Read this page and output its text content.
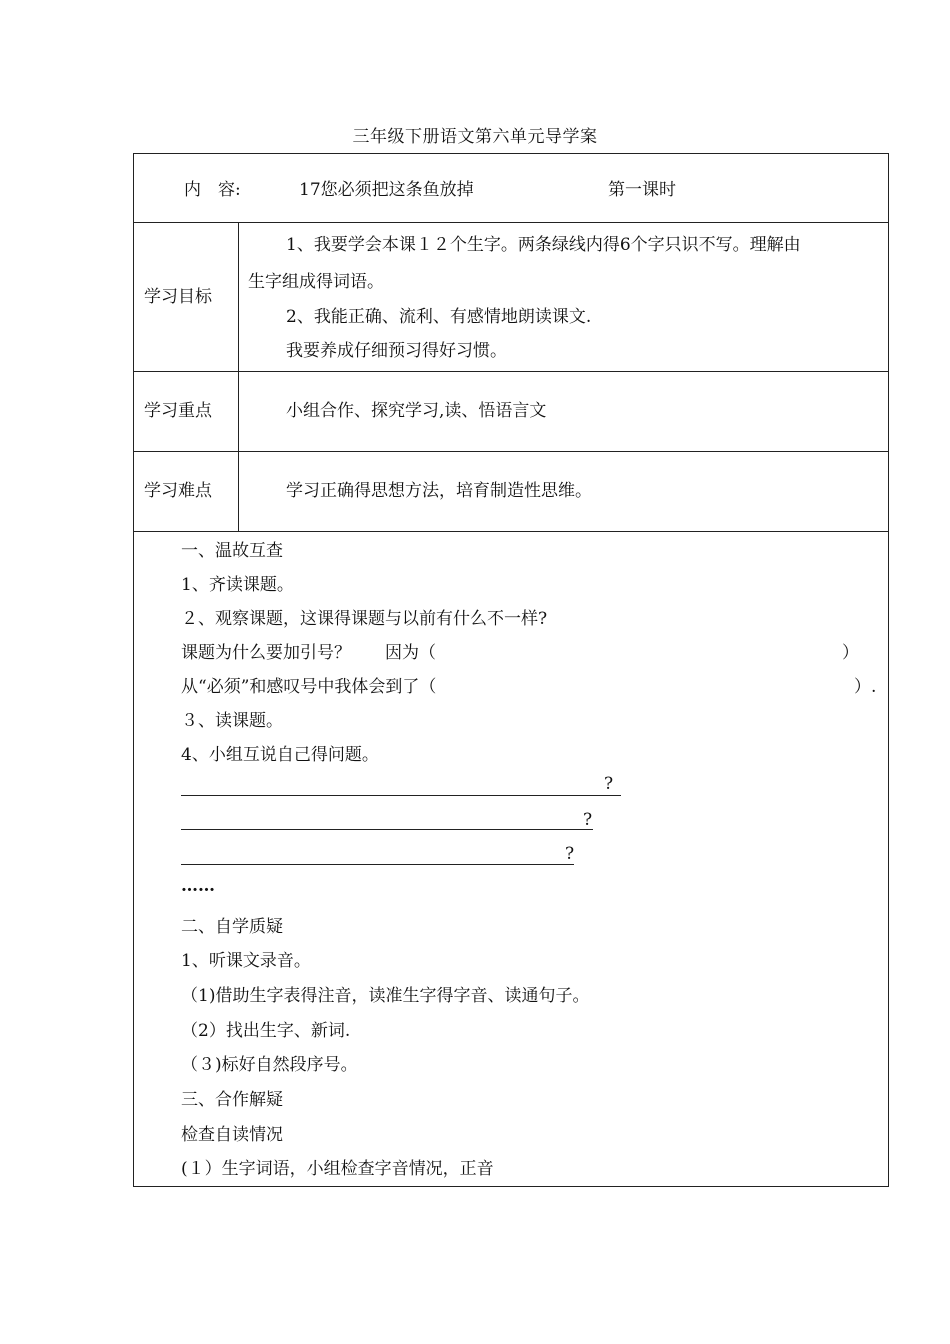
三年级下册语文第六单元导学案
内　容:	17您必须把这条鱼放掉	第一课时
学习目标
1、我要学会本课１２个生字。两条绿线内得6个字只识不写。理解由
生字组成得词语。
2、我能正确、流利、有感情地朗读课文.
我要养成仔细预习得好习惯。
学习重点	小组合作、探究学习,读、悟语言文
学习难点	学习正确得思想方法，培育制造性思维。
一、温故互查
1、齐读课题。
２、观察课题，这课得课题与以前有什么不一样?
课题为什么要加引号？　　因为（	）
从“必须”和感叹号中我体会到了（	）.
３、读课题。
4、小组互说自己得问题。
?
?
?
……
二、自学质疑
1、听课文录音。
（1)借助生字表得注音，读准生字得字音、读通句子。
（2）找出生字、新词.
（３)标好自然段序号。
三、合作解疑
检查自读情况
(１）生字词语，小组检查字音情况，正音
